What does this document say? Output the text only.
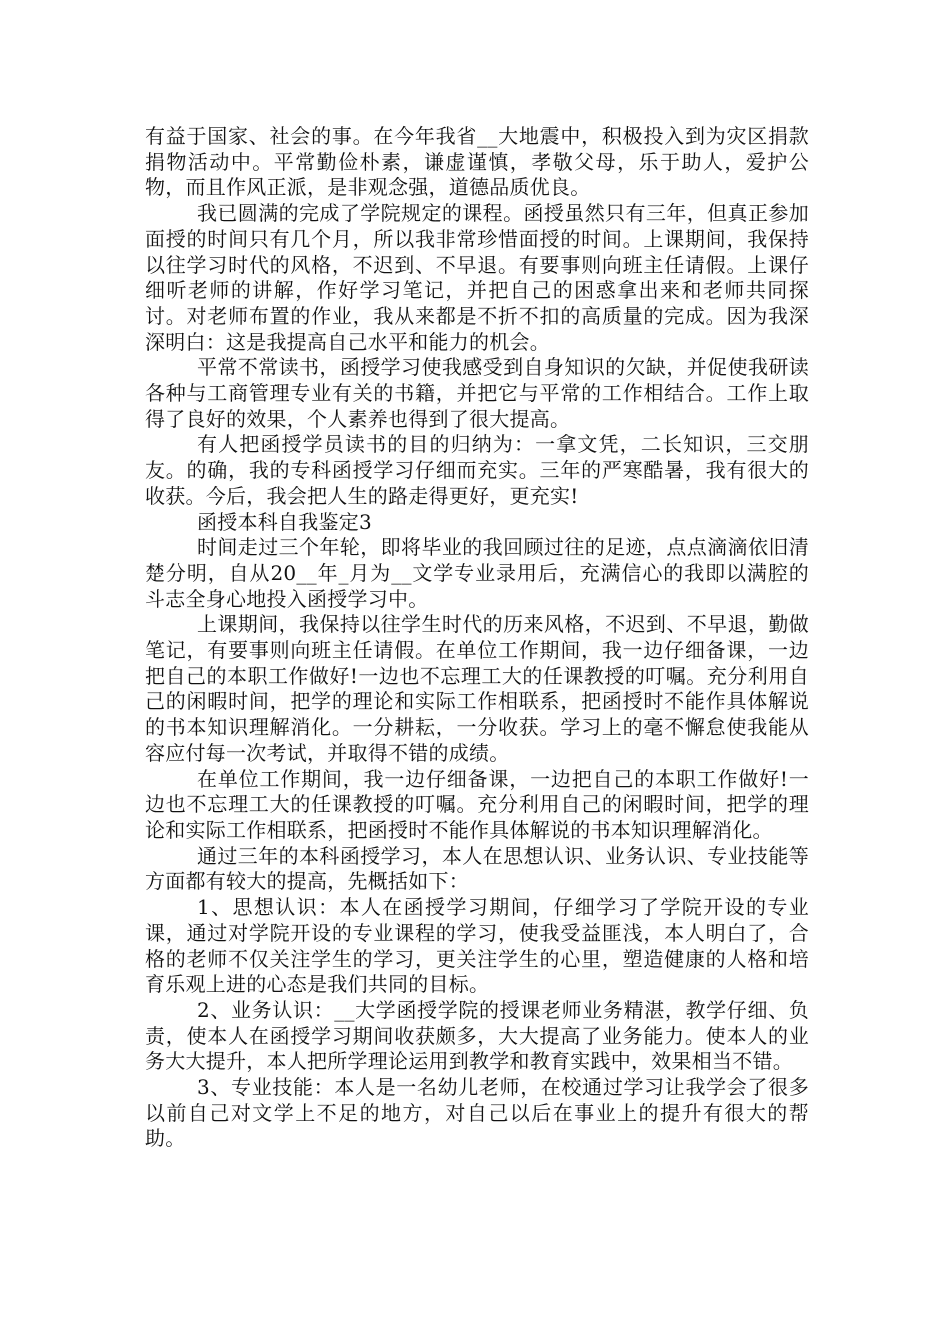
有益于国家、社会的事。在今年我省__大地震中，积极投入到为灾区捐款捐物活动中。平常勤俭朴素，谦虚谨慎，孝敬父母，乐于助人，爱护公物，而且作风正派，是非观念强，道德品质优良。

我已圆满的完成了学院规定的课程。函授虽然只有三年，但真正参加面授的时间只有几个月，所以我非常珍惜面授的时间。上课期间，我保持以往学习时代的风格，不迟到、不早退。有要事则向班主任请假。上课仔细听老师的讲解，作好学习笔记，并把自己的困惑拿出来和老师共同探讨。对老师布置的作业，我从来都是不折不扣的高质量的完成。因为我深深明白：这是我提高自己水平和能力的机会。

平常不常读书，函授学习使我感受到自身知识的欠缺，并促使我研读各种与工商管理专业有关的书籍，并把它与平常的工作相结合。工作上取得了良好的效果，个人素养也得到了很大提高。

有人把函授学员读书的目的归纳为：一拿文凭，二长知识，三交朋友。的确，我的专科函授学习仔细而充实。三年的严寒酷暑，我有很大的收获。今后，我会把人生的路走得更好，更充实!

函授本科自我鉴定3

时间走过三个年轮，即将毕业的我回顾过往的足迹，点点滴滴依旧清楚分明，自从20__年_月为__文学专业录用后，充满信心的我即以满腔的斗志全身心地投入函授学习中。

上课期间，我保持以往学生时代的历来风格，不迟到、不早退，勤做笔记，有要事则向班主任请假。在单位工作期间，我一边仔细备课，一边把自己的本职工作做好!一边也不忘理工大的任课教授的叮嘱。充分利用自己的闲暇时间，把学的理论和实际工作相联系，把函授时不能作具体解说的书本知识理解消化。一分耕耘，一分收获。学习上的毫不懈怠使我能从容应付每一次考试，并取得不错的成绩。

在单位工作期间，我一边仔细备课，一边把自己的本职工作做好!一边也不忘理工大的任课教授的叮嘱。充分利用自己的闲暇时间，把学的理论和实际工作相联系，把函授时不能作具体解说的书本知识理解消化。

通过三年的本科函授学习，本人在思想认识、业务认识、专业技能等方面都有较大的提高，先概括如下：

1、思想认识：本人在函授学习期间，仔细学习了学院开设的专业课，通过对学院开设的专业课程的学习，使我受益匪浅，本人明白了，合格的老师不仅关注学生的学习，更关注学生的心里，塑造健康的人格和培育乐观上进的心态是我们共同的目标。

2、业务认识：__大学函授学院的授课老师业务精湛，教学仔细、负责，使本人在函授学习期间收获颇多，大大提高了业务能力。使本人的业务大大提升，本人把所学理论运用到教学和教育实践中，效果相当不错。

3、专业技能：本人是一名幼儿老师，在校通过学习让我学会了很多以前自己对文学上不足的地方，对自己以后在事业上的提升有很大的帮助。
